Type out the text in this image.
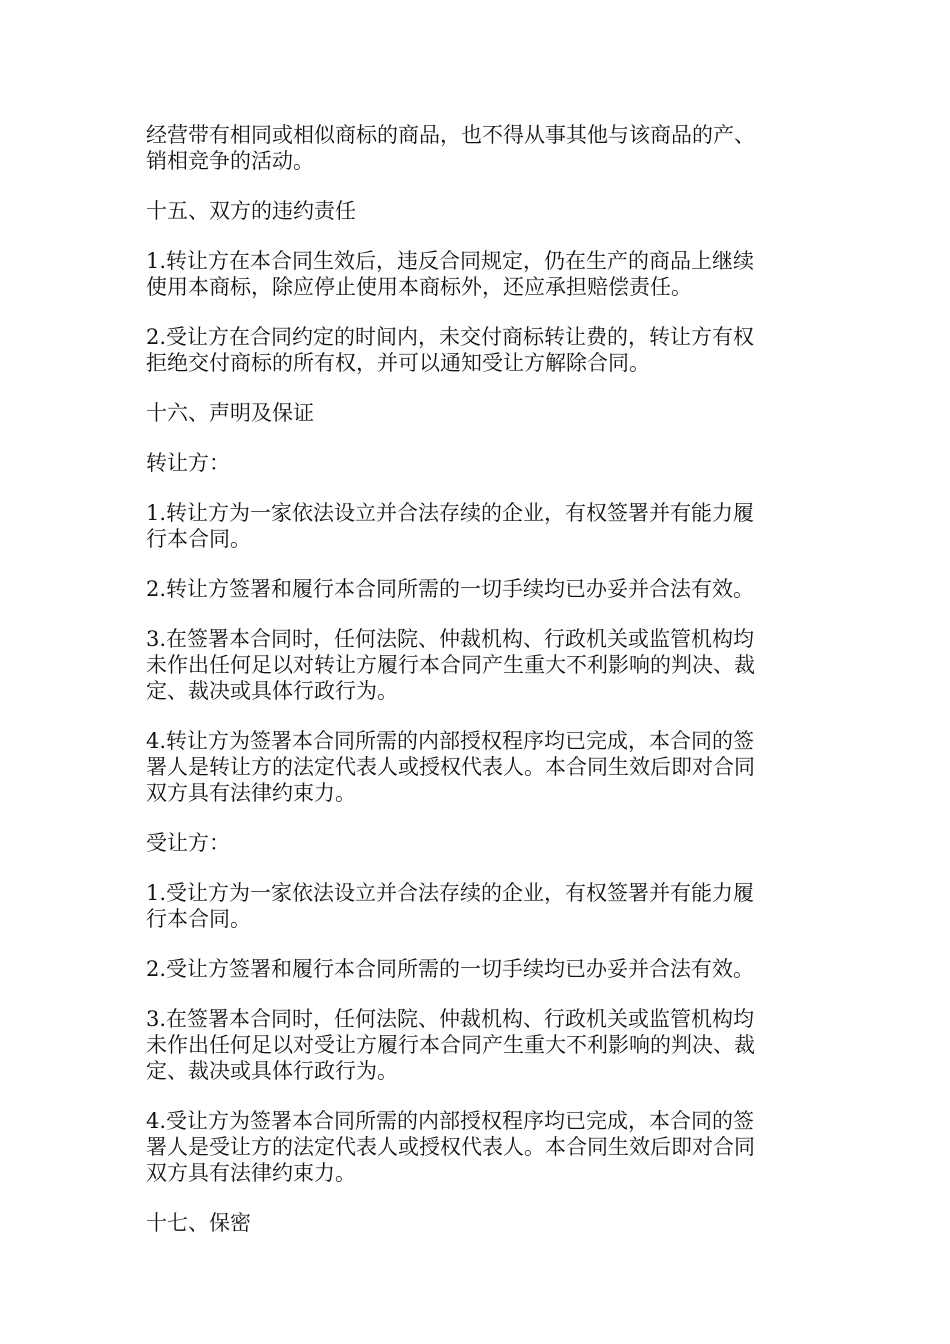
经营带有相同或相似商标的商品，也不得从事其他与该商品的产、
销相竞争的活动。

十五、双方的违约责任

1.转让方在本合同生效后，违反合同规定，仍在生产的商品上继续
使用本商标，除应停止使用本商标外，还应承担赔偿责任。

2.受让方在合同约定的时间内，未交付商标转让费的，转让方有权
拒绝交付商标的所有权，并可以通知受让方解除合同。

十六、声明及保证

转让方：

1.转让方为一家依法设立并合法存续的企业，有权签署并有能力履
行本合同。

2.转让方签署和履行本合同所需的一切手续均已办妥并合法有效。

3.在签署本合同时，任何法院、仲裁机构、行政机关或监管机构均
未作出任何足以对转让方履行本合同产生重大不利影响的判决、裁
定、裁决或具体行政行为。

4.转让方为签署本合同所需的内部授权程序均已完成，本合同的签
署人是转让方的法定代表人或授权代表人。本合同生效后即对合同
双方具有法律约束力。

受让方：

1.受让方为一家依法设立并合法存续的企业，有权签署并有能力履
行本合同。

2.受让方签署和履行本合同所需的一切手续均已办妥并合法有效。

3.在签署本合同时，任何法院、仲裁机构、行政机关或监管机构均
未作出任何足以对受让方履行本合同产生重大不利影响的判决、裁
定、裁决或具体行政行为。

4.受让方为签署本合同所需的内部授权程序均已完成，本合同的签
署人是受让方的法定代表人或授权代表人。本合同生效后即对合同
双方具有法律约束力。

十七、保密
